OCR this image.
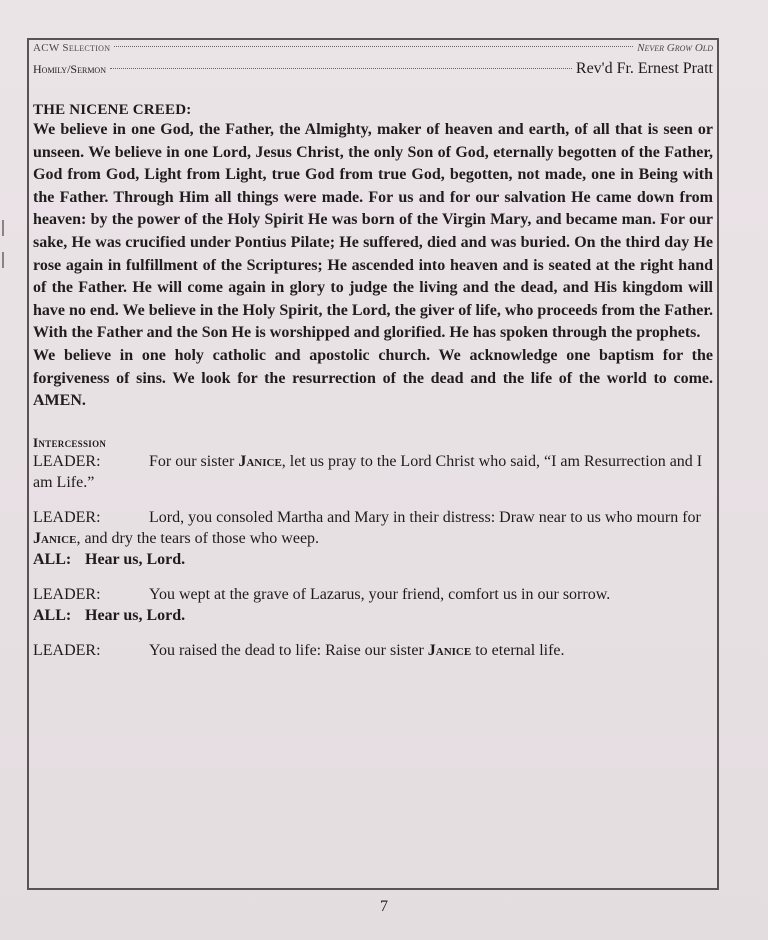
ACW Selection	Never Grow Old
Homily/Sermon	Rev'd Fr. Ernest Pratt
THE NICENE CREED:

We believe in one God, the Father, the Almighty, maker of heaven and earth, of all that is seen or unseen. We believe in one Lord, Jesus Christ, the only Son of God, eternally begotten of the Father, God from God, Light from Light, true God from true God, begotten, not made, one in Being with the Father. Through Him all things were made. For us and for our salvation He came down from heaven: by the power of the Holy Spirit He was born of the Virgin Mary, and became man. For our sake, He was crucified under Pontius Pilate; He suffered, died and was buried. On the third day He rose again in fulfillment of the Scriptures; He ascended into heaven and is seated at the right hand of the Father. He will come again in glory to judge the living and the dead, and His kingdom will have no end. We believe in the Holy Spirit, the Lord, the giver of life, who proceeds from the Father. With the Father and the Son He is worshipped and glorified. He has spoken through the prophets.

We believe in one holy catholic and apostolic church. We acknowledge one baptism for the forgiveness of sins. We look for the resurrection of the dead and the life of the world to come. AMEN.

Intercession

LEADER:	For our sister Janice, let us pray to the Lord Christ who said, “I am Resurrection and I am Life.”

LEADER:	Lord, you consoled Martha and Mary in their distress: Draw near to us who mourn for Janice, and dry the tears of those who weep.

ALL: Hear us, Lord.

LEADER:	You wept at the grave of Lazarus, your friend, comfort us in our sorrow.

ALL: Hear us, Lord.

LEADER:	You raised the dead to life: Raise our sister Janice to eternal life.

7
